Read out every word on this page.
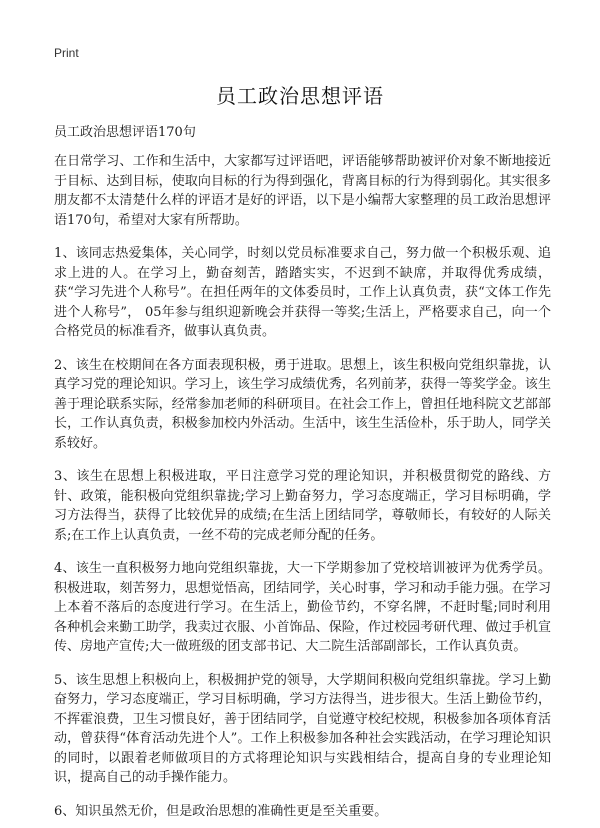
Print
员工政治思想评语
员工政治思想评语170句

在日常学习、工作和生活中，大家都写过评语吧，评语能够帮助被评价对象不断地接近于目标、达到目标，使取向目标的行为得到强化，背离目标的行为得到弱化。其实很多朋友都不太清楚什么样的评语才是好的评语，以下是小编帮大家整理的员工政治思想评语170句，希望对大家有所帮助。

1、该同志热爱集体，关心同学，时刻以党员标准要求自己，努力做一个积极乐观、追求上进的人。在学习上，勤奋刻苦，踏踏实实，不迟到不缺席，并取得优秀成绩，获“学习先进个人称号”。在担任两年的文体委员时，工作上认真负责，获“文体工作先进个人称号”， 05年参与组织迎新晚会并获得一等奖;生活上，严格要求自己，向一个合格党员的标准看齐，做事认真负责。

2、该生在校期间在各方面表现积极，勇于进取。思想上，该生积极向党组织靠拢，认真学习党的理论知识。学习上，该生学习成绩优秀，名列前茅，获得一等奖学金。该生善于理论联系实际，经常参加老师的科研项目。在社会工作上，曾担任地科院文艺部部长，工作认真负责，积极参加校内外活动。生活中，该生生活俭朴，乐于助人，同学关系较好。

3、该生在思想上积极进取，平日注意学习党的理论知识，并积极贯彻党的路线、方针、政策，能积极向党组织靠拢;学习上勤奋努力，学习态度端正，学习目标明确，学习方法得当，获得了比较优异的成绩;在生活上团结同学，尊敬师长，有较好的人际关系;在工作上认真负责，一丝不苟的完成老师分配的任务。

4、该生一直积极努力地向党组织靠拢，大一下学期参加了党校培训被评为优秀学员。积极进取，刻苦努力，思想觉悟高，团结同学，关心时事，学习和动手能力强。在学习上本着不落后的态度进行学习。在生活上，勤俭节约，不穿名牌，不赶时髦;同时利用各种机会来勤工助学，我卖过衣服、小首饰品、保险，作过校园考研代理、做过手机宣传、房地产宣传;大一做班级的团支部书记、大二院生活部副部长，工作认真负责。

5、该生思想上积极向上，积极拥护党的领导，大学期间积极向党组织靠拢。学习上勤奋努力，学习态度端正，学习目标明确，学习方法得当，进步很大。生活上勤俭节约，不挥霍浪费，卫生习惯良好，善于团结同学，自觉遵守校纪校规，积极参加各项体育活动，曾获得“体育活动先进个人”。工作上积极参加各种社会实践活动，在学习理论知识的同时，以跟着老师做项目的方式将理论知识与实践相结合，提高自身的专业理论知识，提高自己的动手操作能力。

6、知识虽然无价，但是政治思想的准确性更是至关重要。
